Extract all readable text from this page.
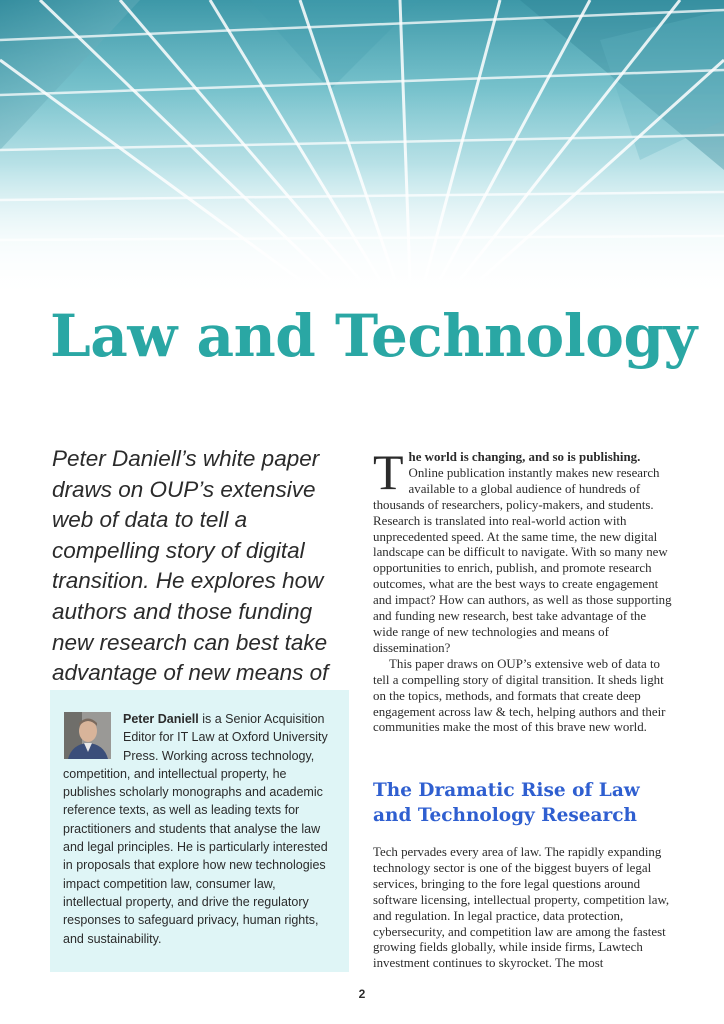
Law and Technology

Peter Daniell’s white paper draws on OUP’s extensive web of data to tell a compelling story of digital transition. He explores how authors and those funding new research can best take advantage of new means of

Peter Daniell is a Senior Acquisition Editor for IT Law at Oxford University Press. Working across technology, competition, and intellectual property, he publishes scholarly monographs and academic reference texts, as well as leading texts for practitioners and students that analyse the law and legal principles. He is particularly interested in proposals that explore how new technologies impact competition law, consumer law, intellectual property, and drive the regulatory responses to safeguard privacy, human rights, and sustainability.

The world is changing, and so is publishing. Online publication instantly makes new research available to a global audience of hundreds of thousands of researchers, policy-makers, and students. Research is translated into real-world action with unprecedented speed. At the same time, the new digital landscape can be difficult to navigate. With so many new opportunities to enrich, publish, and promote research outcomes, what are the best ways to create engagement and impact? How can authors, as well as those supporting and funding new research, best take advantage of the wide range of new technologies and means of dissemination?

This paper draws on OUP’s extensive web of data to tell a compelling story of digital transition. It sheds light on the topics, methods, and formats that create deep engagement across law & tech, helping authors and their communities make the most of this brave new world.

The Dramatic Rise of Law and Technology Research

Tech pervades every area of law. The rapidly expanding technology sector is one of the biggest buyers of legal services, bringing to the fore legal questions around software licensing, intellectual property, competition law, and regulation. In legal practice, data protection, cybersecurity, and competition law are among the fastest growing fields globally, while inside firms, Lawtech investment continues to skyrocket. The most

2
